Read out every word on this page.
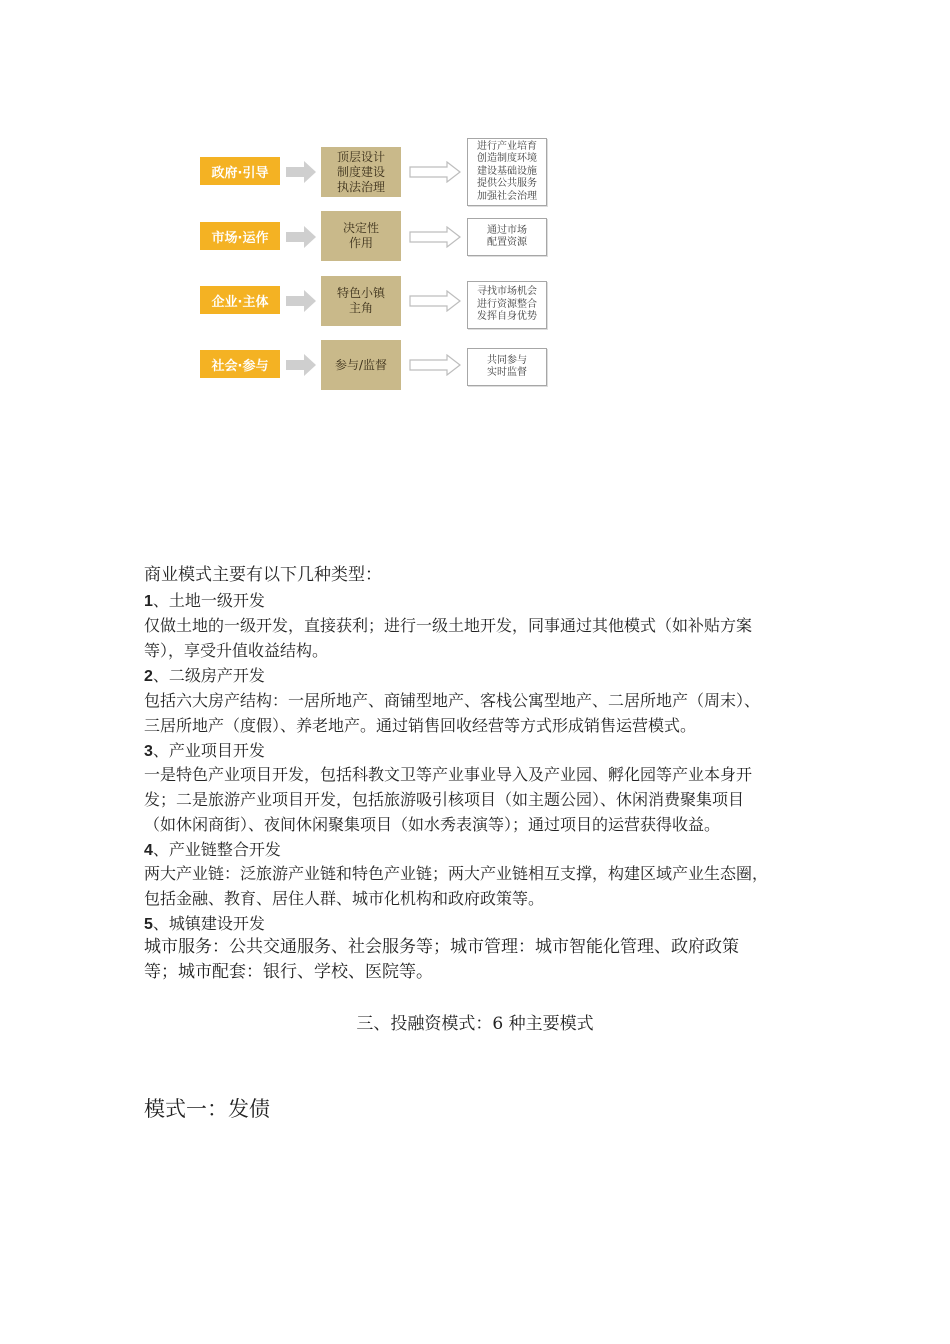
政府·引导
顶层设计
制度建设
执法治理
进行产业培育
创造制度环境
建设基础设施
提供公共服务
加强社会治理
市场·运作
决定性
作用
通过市场
配置资源
企业·主体
特色小镇
主角
寻找市场机会
进行资源整合
发挥自身优势
社会·参与	参与/监督	共同参与
实时监督
商业模式主要有以下几种类型：
1、土地一级开发
仅做土地的一级开发，直接获利；进行一级土地开发，同事通过其他模式（如补贴方案
等），享受升值收益结构。
2、二级房产开发
包括六大房产结构：一居所地产、商铺型地产、客栈公寓型地产、二居所地产（周末）、
三居所地产（度假）、养老地产。通过销售回收经营等方式形成销售运营模式。
3、产业项目开发
一是特色产业项目开发，包括科教文卫等产业事业导入及产业园、孵化园等产业本身开
发；二是旅游产业项目开发，包括旅游吸引核项目（如主题公园）、休闲消费聚集项目
（如休闲商街）、夜间休闲聚集项目（如水秀表演等）；通过项目的运营获得收益。
4、产业链整合开发
两大产业链：泛旅游产业链和特色产业链；两大产业链相互支撑，构建区域产业生态圈，
包括金融、教育、居住人群、城市化机构和政府政策等。
5、城镇建设开发
城市服务：公共交通服务、社会服务等；城市管理：城市智能化管理、政府政策
等；城市配套：银行、学校、医院等。
三、投融资模式：6 种主要模式
模式一：发债
